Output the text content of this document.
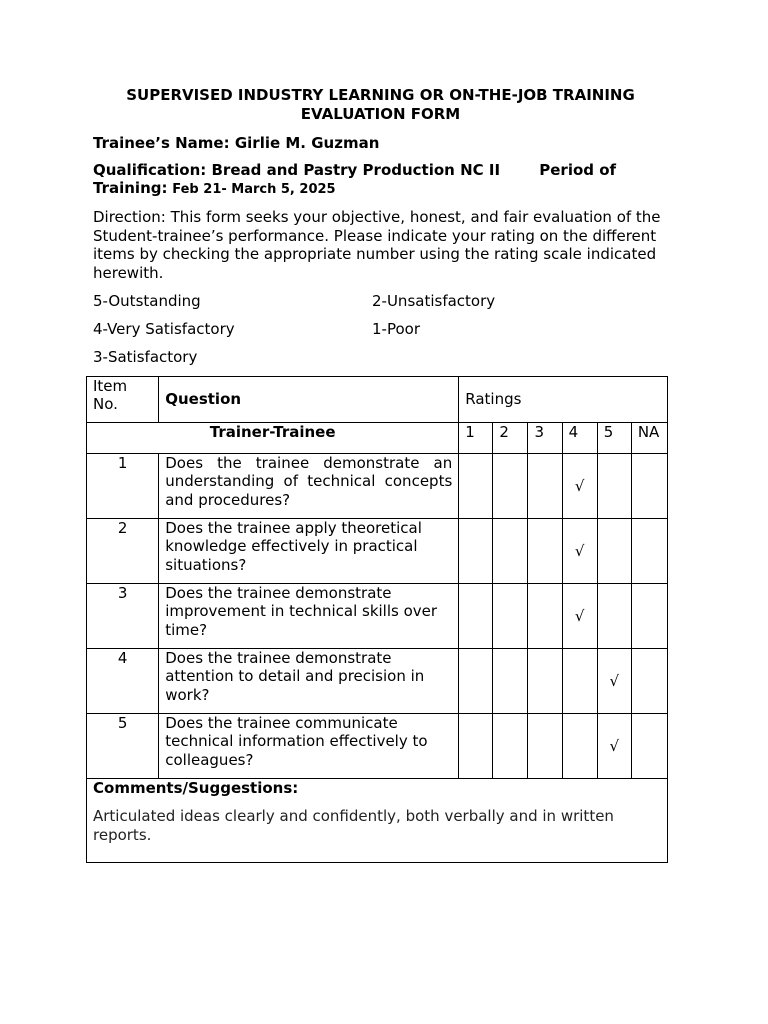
SUPERVISED INDUSTRY LEARNING OR ON-THE-JOB TRAINING
EVALUATION FORM
Trainee’s Name: Girlie M. Guzman
Qualification: Bread and Pastry Production NC II	Period of
Training: Feb 21- March 5, 2025
Direction: This form seeks your objective, honest, and fair evaluation of the Student-trainee’s performance. Please indicate your rating on the different items by checking the appropriate number using the rating scale indicated herewith.
5-Outstanding	2-Unsatisfactory
4-Very Satisfactory	1-Poor
3-Satisfactory
Item No.	Question	Ratings					
Trainer-Trainee		1	2	3	4	5	NA
1	Does the trainee demonstrate an understanding of technical concepts and procedures?				√		
2	Does the trainee apply theoretical knowledge effectively in practical situations?				√		
3	Does the trainee demonstrate improvement in technical skills over time?				√		
4	Does the trainee demonstrate attention to detail and precision in work?					√	
5	Does the trainee communicate technical information effectively to colleagues?					√	

Comments/Suggestions:
Articulated ideas clearly and confidently, both verbally and in written reports.							
